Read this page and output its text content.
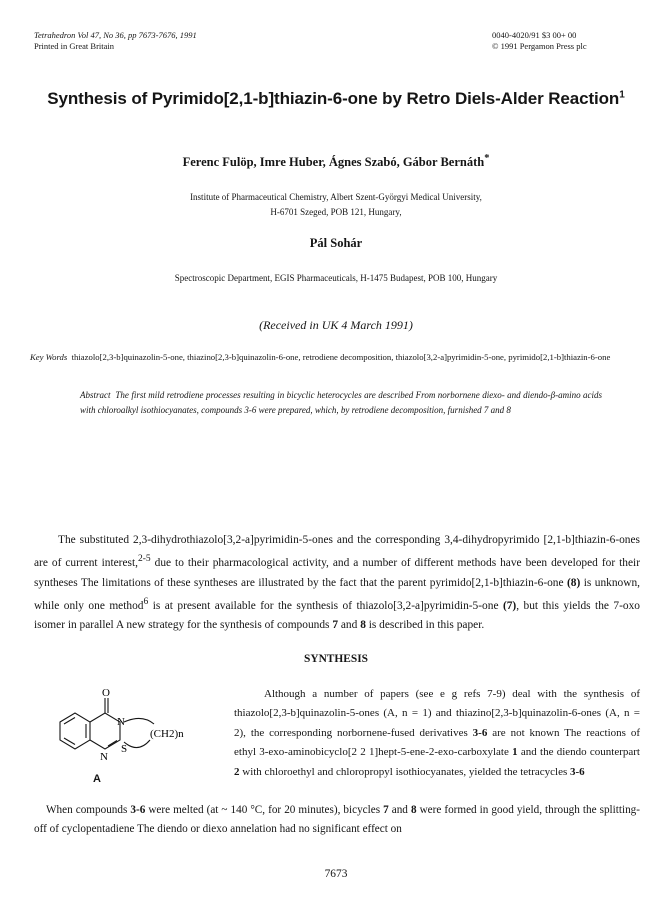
Tetrahedron Vol 47, No 36, pp 7673-7676, 1991
Printed in Great Britain
0040-4020/91 $3 00+ 00
© 1991 Pergamon Press plc
Synthesis of Pyrimido[2,1-b]thiazin-6-one by Retro Diels-Alder Reaction$^1$
Ferenc Fulöp, Imre Huber, Ágnes Szabó, Gábor Bernáth*
Institute of Pharmaceutical Chemistry, Albert Szent-Györgyi Medical University,
H-6701 Szeged, POB 121, Hungary,
Pál Sohár
Spectroscopic Department, EGIS Pharmaceuticals, H-1475 Budapest, POB 100, Hungary
(Received in UK 4 March 1991)
Key Words thiazolo[2,3-b]quinazolin-5-one, thiazino[2,3-b]quinazolin-6-one, retrodiene decomposition, thiazolo[3,2-a]pyrimidin-5-one, pyrimido[2,1-b]thiazin-6-one
Abstract The first mild retrodiene processes resulting in bicyclic heterocycles are described From norbornene diexo- and diendo-β-amino acids with chloroalkyl isothiocyanates, compounds 3-6 were prepared, which, by retrodiene decomposition, furnished 7 and 8
The substituted 2,3-dihydrothiazolo[3,2-a]pyrimidin-5-ones and the corresponding 3,4-dihydropyrimido [2,1-b]thiazin-6-ones are of current interest,$^{2-5}$ due to their pharmacological activity, and a number of different methods have been developed for their syntheses The limitations of these syntheses are illustrated by the fact that the parent pyrimido[2,1-b]thiazin-6-one (8) is unknown, while only one method$^6$ is at present available for the synthesis of thiazolo[3,2-a]pyrimidin-5-one (7), but this yields the 7-oxo isomer in parallel A new strategy for the synthesis of compounds 7 and 8 is described in this paper.
SYNTHESIS
O
N
N
S
(CH2)n
A
Although a number of papers (see e g refs 7-9) deal with the synthesis of thiazolo[2,3-b]quinazolin-5-ones (A, n = 1) and thiazino[2,3-b]quinazolin-6-ones (A, n = 2), the corresponding norbornene-fused derivatives 3-6 are not known The reactions of ethyl 3-exo-aminobicyclo[2 2 1]hept-5-ene-2-exo-carboxylate 1 and the diendo counterpart 2 with chloroethyl and chloropropyl isothiocyanates, yielded the tetracycles 3-6
When compounds 3-6 were melted (at ~ 140 °C, for 20 minutes), bicycles 7 and 8 were formed in good yield, through the splitting-off of cyclopentadiene The diendo or diexo annelation had no significant effect on
7673
